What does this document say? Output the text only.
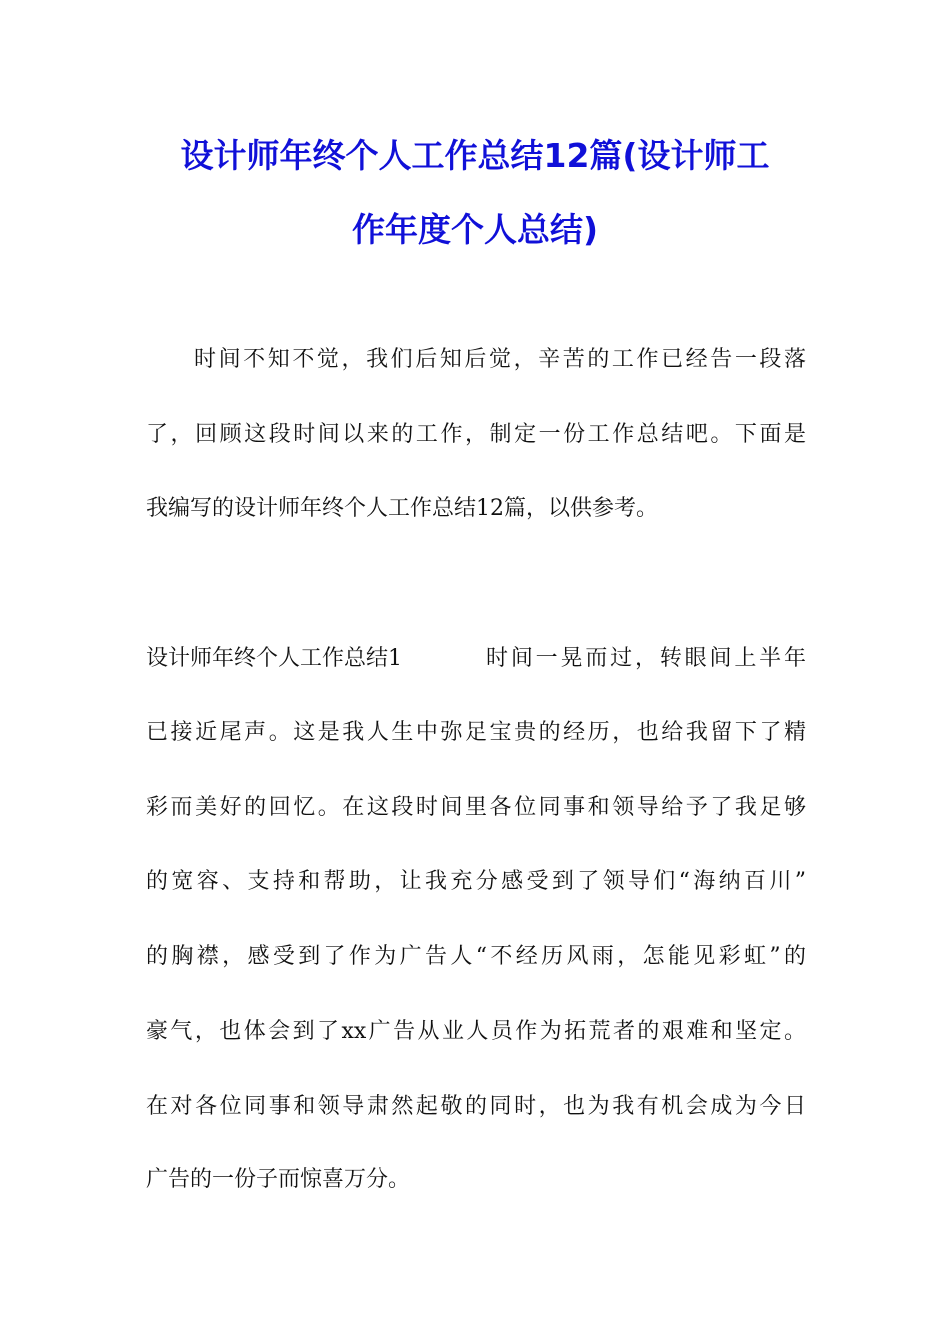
设计师年终个人工作总结12篇(设计师工
作年度个人总结)
时间不知不觉，我们后知后觉，辛苦的工作已经告一段落
了，回顾这段时间以来的工作，制定一份工作总结吧。下面是
我编写的设计师年终个人工作总结12篇，以供参考。
设计师年终个人工作总结1	时间一晃而过，转眼间上半年
已接近尾声。这是我人生中弥足宝贵的经历，也给我留下了精
彩而美好的回忆。在这段时间里各位同事和领导给予了我足够
的宽容、支持和帮助，让我充分感受到了领导们“海纳百川”
的胸襟，感受到了作为广告人“不经历风雨，怎能见彩虹”的
豪气，也体会到了xx广告从业人员作为拓荒者的艰难和坚定。
在对各位同事和领导肃然起敬的同时，也为我有机会成为今日
广告的一份子而惊喜万分。
